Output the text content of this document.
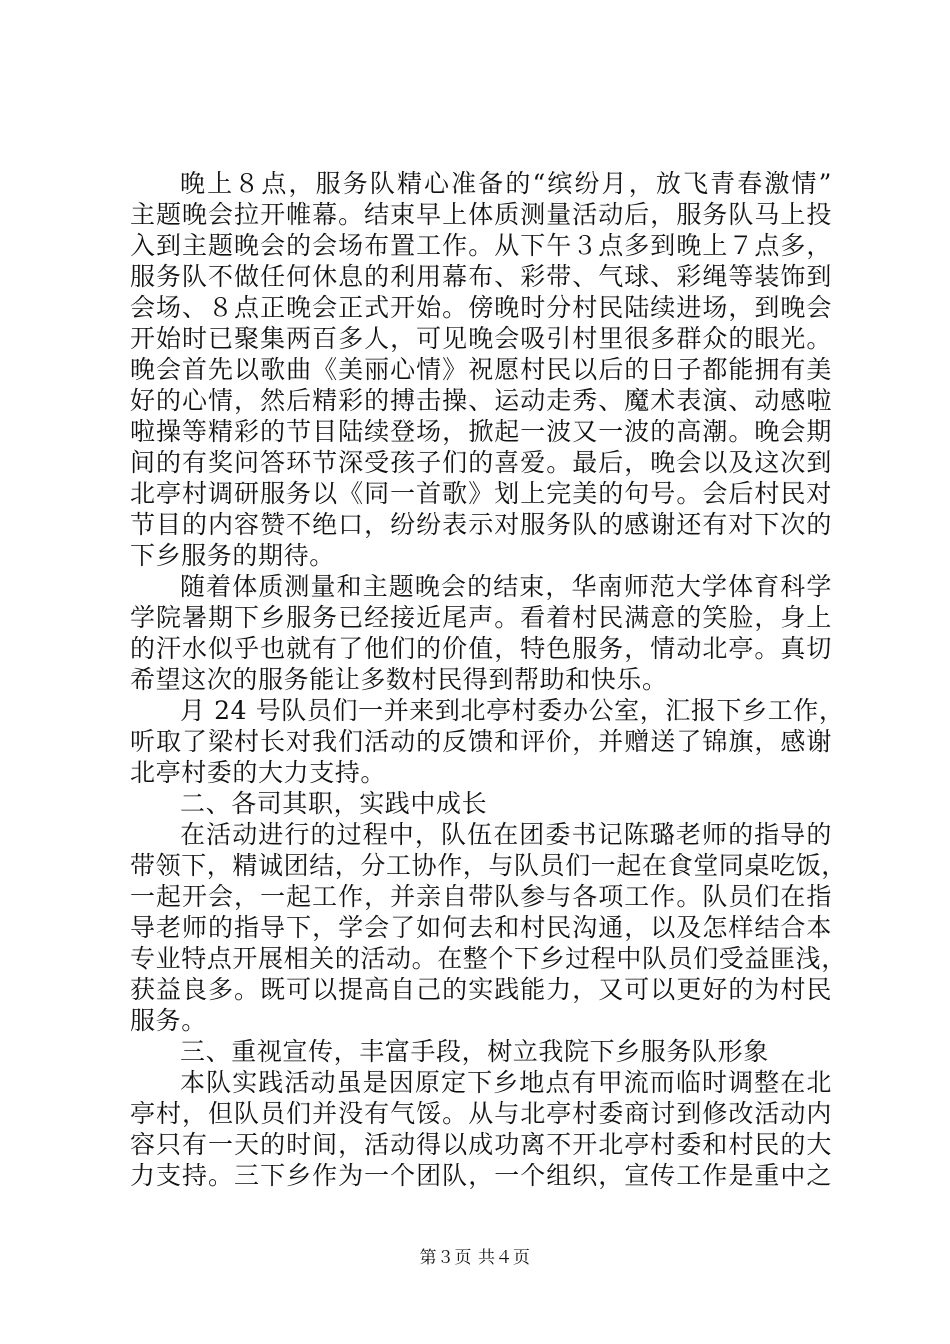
晚上８点，服务队精心准备的“缤纷月，放飞青春激情”
主题晚会拉开帷幕。结束早上体质测量活动后，服务队马上投
入到主题晚会的会场布置工作。从下午３点多到晚上７点多，
服务队不做任何休息的利用幕布、彩带、气球、彩绳等装饰到
会场、８点正晚会正式开始。傍晚时分村民陆续进场，到晚会
开始时已聚集两百多人，可见晚会吸引村里很多群众的眼光。
晚会首先以歌曲《美丽心情》祝愿村民以后的日子都能拥有美
好的心情，然后精彩的搏击操、运动走秀、魔术表演、动感啦
啦操等精彩的节目陆续登场，掀起一波又一波的高潮。晚会期
间的有奖问答环节深受孩子们的喜爱。最后，晚会以及这次到
北亭村调研服务以《同一首歌》划上完美的句号。会后村民对
节目的内容赞不绝口，纷纷表示对服务队的感谢还有对下次的
下乡服务的期待。
随着体质测量和主题晚会的结束，华南师范大学体育科学
学院暑期下乡服务已经接近尾声。看着村民满意的笑脸，身上
的汗水似乎也就有了他们的价值，特色服务，情动北亭。真切
希望这次的服务能让多数村民得到帮助和快乐。
月 24 号队员们一并来到北亭村委办公室，汇报下乡工作，
听取了梁村长对我们活动的反馈和评价，并赠送了锦旗，感谢
北亭村委的大力支持。
二、各司其职，实践中成长
在活动进行的过程中，队伍在团委书记陈璐老师的指导的
带领下，精诚团结，分工协作，与队员们一起在食堂同桌吃饭，
一起开会，一起工作，并亲自带队参与各项工作。队员们在指
导老师的指导下，学会了如何去和村民沟通，以及怎样结合本
专业特点开展相关的活动。在整个下乡过程中队员们受益匪浅，
获益良多。既可以提高自己的实践能力，又可以更好的为村民
服务。
三、重视宣传，丰富手段，树立我院下乡服务队形象
本队实践活动虽是因原定下乡地点有甲流而临时调整在北
亭村，但队员们并没有气馁。从与北亭村委商讨到修改活动内
容只有一天的时间，活动得以成功离不开北亭村委和村民的大
力支持。三下乡作为一个团队，一个组织，宣传工作是重中之
第３页 共４页
